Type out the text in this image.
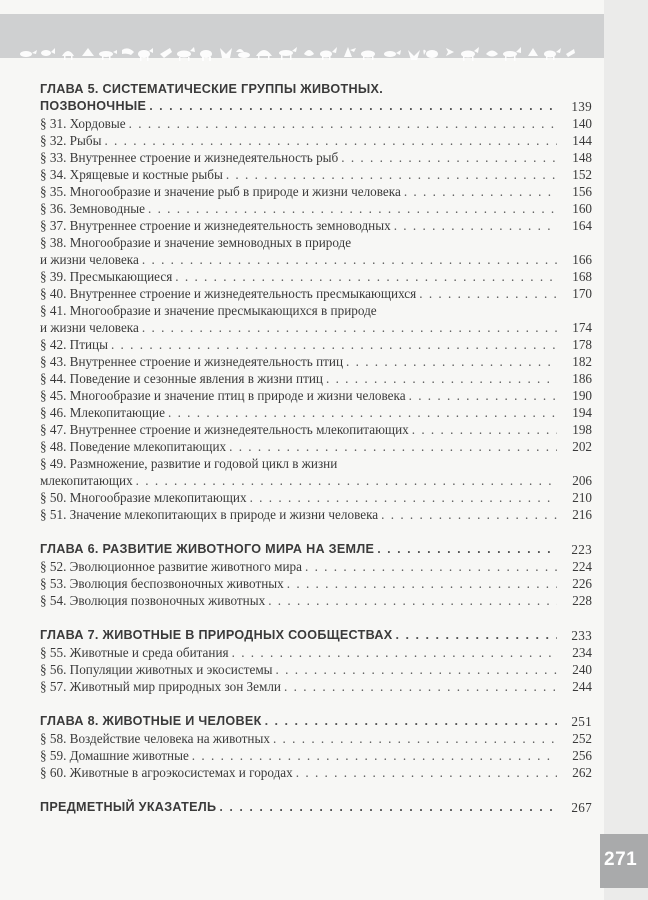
271
ГЛАВА 5. СИСТЕМАТИЧЕСКИЕ ГРУППЫ ЖИВОТНЫХ.
ПОЗВОНОЧНЫЕ . . .	139
§ 31. Хордовые . . .	140
§ 32. Рыбы . . .	144
§ 33. Внутреннее строение и жизнедеятельность рыб . . .	148
§ 34. Хрящевые и костные рыбы . . .	152
§ 35. Многообразие и значение рыб в природе и жизни человека . . .	156
§ 36. Земноводные . . .	160
§ 37. Внутреннее строение и жизнедеятельность земноводных . . .	164
§ 38. Многообразие и значение земноводных в природе
и жизни человека . . .	166
§ 39. Пресмыкающиеся . . .	168
§ 40. Внутреннее строение и жизнедеятельность пресмыкающихся . . .	170
§ 41. Многообразие и значение пресмыкающихся в природе
и жизни человека . . .	174
§ 42. Птицы . . .	178
§ 43. Внутреннее строение и жизнедеятельность птиц . . .	182
§ 44. Поведение и сезонные явления в жизни птиц . . .	186
§ 45. Многообразие и значение птиц в природе и жизни человека . . .	190
§ 46. Млекопитающие . . .	194
§ 47. Внутреннее строение и жизнедеятельность млекопитающих . . .	198
§ 48. Поведение млекопитающих . . .	202
§ 49. Размножение, развитие и годовой цикл в жизни
млекопитающих . . .	206
§ 50. Многообразие млекопитающих . . .	210
§ 51. Значение млекопитающих в природе и жизни человека . . .	216
ГЛАВА 6. РАЗВИТИЕ ЖИВОТНОГО МИРА НА ЗЕМЛЕ . . .	223
§ 52. Эволюционное развитие животного мира . . .	224
§ 53. Эволюция беспозвоночных животных . . .	226
§ 54. Эволюция позвоночных животных . . .	228
ГЛАВА 7. ЖИВОТНЫЕ В ПРИРОДНЫХ СООБЩЕСТВАХ . . .	233
§ 55. Животные и среда обитания . . .	234
§ 56. Популяции животных и экосистемы . . .	240
§ 57. Животный мир природных зон Земли . . .	244
ГЛАВА 8. ЖИВОТНЫЕ И ЧЕЛОВЕК . . .	251
§ 58. Воздействие человека на животных . . .	252
§ 59. Домашние животные . . .	256
§ 60. Животные в агроэкосистемах и городах . . .	262
ПРЕДМЕТНЫЙ УКАЗАТЕЛЬ . . .	267
